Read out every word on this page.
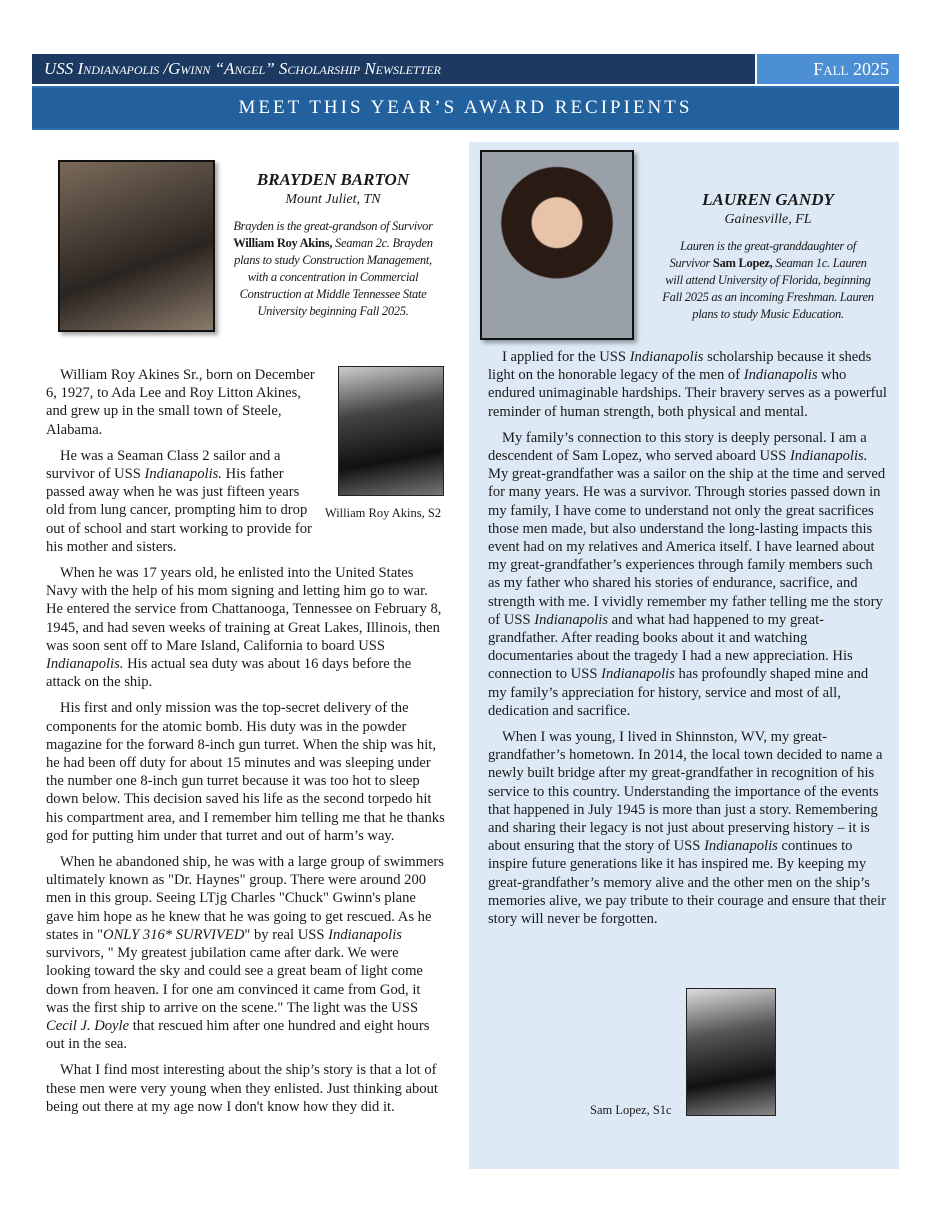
USS Indianapolis /Gwinn “Angel” Scholarship Newsletter	Fall 2025
MEET THIS YEAR’S AWARD RECIPIENTS
BRAYDEN BARTON
Mount Juliet, TN
Brayden is the great-grandson of Survivor William Roy Akins, Seaman 2c. Brayden plans to study Construction Management, with a concentration in Commercial Construction at Middle Tennessee State University beginning Fall 2025.
William Roy Akins, S2

William Roy Akines Sr., born on December 6, 1927, to Ada Lee and Roy Litton Akines, and grew up in the small town of Steele, Alabama.

He was a Seaman Class 2 sailor and a survivor of USS Indianapolis. His father passed away when he was just fifteen years old from lung cancer, prompting him to drop out of school and start working to provide for his mother and sisters.

When he was 17 years old, he enlisted into the United States Navy with the help of his mom signing and letting him go to war. He entered the service from Chattanooga, Tennessee on February 8, 1945, and had seven weeks of training at Great Lakes, Illinois, then was soon sent off to Mare Island, California to board USS Indianapolis. His actual sea duty was about 16 days before the attack on the ship.

His first and only mission was the top-secret delivery of the components for the atomic bomb. His duty was in the powder magazine for the forward 8-inch gun turret. When the ship was hit, he had been off duty for about 15 minutes and was sleeping under the number one 8-inch gun turret because it was too hot to sleep down below. This decision saved his life as the second torpedo hit his compartment area, and I remember him telling me that he thanks god for putting him under that turret and out of harm’s way.

When he abandoned ship, he was with a large group of swimmers ultimately known as "Dr. Haynes" group. There were around 200 men in this group. Seeing LTjg Charles "Chuck" Gwinn's plane gave him hope as he knew that he was going to get rescued. As he states in "ONLY 316* SURVIVED" by real USS Indianapolis survivors, " My greatest jubilation came after dark. We were looking toward the sky and could see a great beam of light come down from heaven. I for one am convinced it came from God, it was the first ship to arrive on the scene." The light was the USS Cecil J. Doyle that rescued him after one hundred and eight hours out in the sea.

What I find most interesting about the ship’s story is that a lot of these men were very young when they enlisted. Just thinking about being out there at my age now I don't know how they did it.

LAUREN GANDY
Gainesville, FL
Lauren is the great-granddaughter of Survivor Sam Lopez, Seaman 1c. Lauren will attend University of Florida, beginning Fall 2025 as an incoming Freshman. Lauren plans to study Music Education.

I applied for the USS Indianapolis scholarship because it sheds light on the honorable legacy of the men of Indianapolis who endured unimaginable hardships. Their bravery serves as a powerful reminder of human strength, both physical and mental.

My family’s connection to this story is deeply personal. I am a descendent of Sam Lopez, who served aboard USS Indianapolis. My great-grandfather was a sailor on the ship at the time and served for many years. He was a survivor. Through stories passed down in my family, I have come to understand not only the great sacrifices those men made, but also understand the long-lasting impacts this event had on my relatives and America itself. I have learned about my great-grandfather’s experiences through family members such as my father who shared his stories of endurance, sacrifice, and strength with me. I vividly remember my father telling me the story of USS Indianapolis and what had happened to my great-grandfather. After reading books about it and watching documentaries about the tragedy I had a new appreciation. His connection to USS Indianapolis has profoundly shaped mine and my family’s appreciation for history, service and most of all, dedication and sacrifice.

When I was young, I lived in Shinnston, WV, my great-grandfather’s hometown. In 2014, the local town decided to name a newly built bridge after my great-grandfather in recognition of his service to this country. Understanding the importance of the events that happened in July 1945 is more than just a story. Remembering and sharing their legacy is not just about preserving history – it is about ensuring that the story of USS Indianapolis continues to inspire future generations like it has inspired me. By keeping my great-grandfather’s memory alive and the other men on the ship’s memories alive, we pay tribute to their courage and ensure that their story will never be forgotten.

Sam Lopez, S1c
